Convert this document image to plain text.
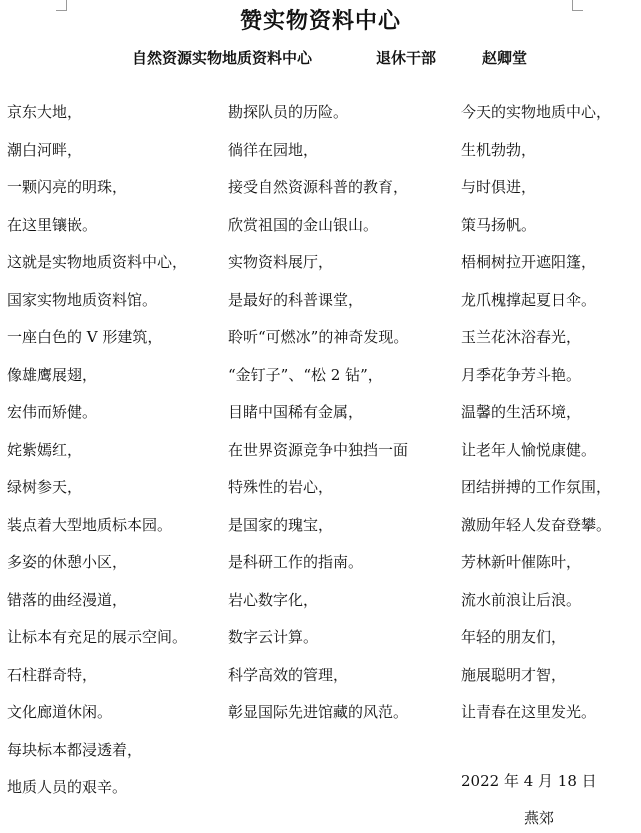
赞实物资料中心
自然资源实物地质资料中心	退休干部	赵卿堂
京东大地，
潮白河畔，
一颗闪亮的明珠，
在这里镶嵌。
这就是实物地质资料中心，
国家实物地质资料馆。
一座白色的 V 形建筑，
像雄鹰展翅，
宏伟而矫健。
姹紫嫣红，
绿树参天，
装点着大型地质标本园。
多姿的休憩小区，
错落的曲经漫道，
让标本有充足的展示空间。
石柱群奇特，
文化廊道休闲。
每块标本都浸透着，
地质人员的艰辛。
勘探队员的历险。
徜徉在园地，
接受自然资源科普的教育，
欣赏祖国的金山银山。
实物资料展厅，
是最好的科普课堂，
聆听“可燃冰”的神奇发现。
“金钉子”、“松 2 钻”，
目睹中国稀有金属，
在世界资源竞争中独挡一面
特殊性的岩心，
是国家的瑰宝，
是科研工作的指南。
岩心数字化，
数字云计算。
科学高效的管理，
彰显国际先进馆藏的风范。
今天的实物地质中心，
生机勃勃，
与时俱进，
策马扬帆。
梧桐树拉开遮阳篷，
龙爪槐撑起夏日伞。
玉兰花沐浴春光，
月季花争芳斗艳。
温馨的生活环境，
让老年人愉悦康健。
团结拼搏的工作氛围，
激励年轻人发奋登攀。
芳林新叶催陈叶，
流水前浪让后浪。
年轻的朋友们，
施展聪明才智，
让青春在这里发光。
2022 年 4 月 18 日
燕郊
